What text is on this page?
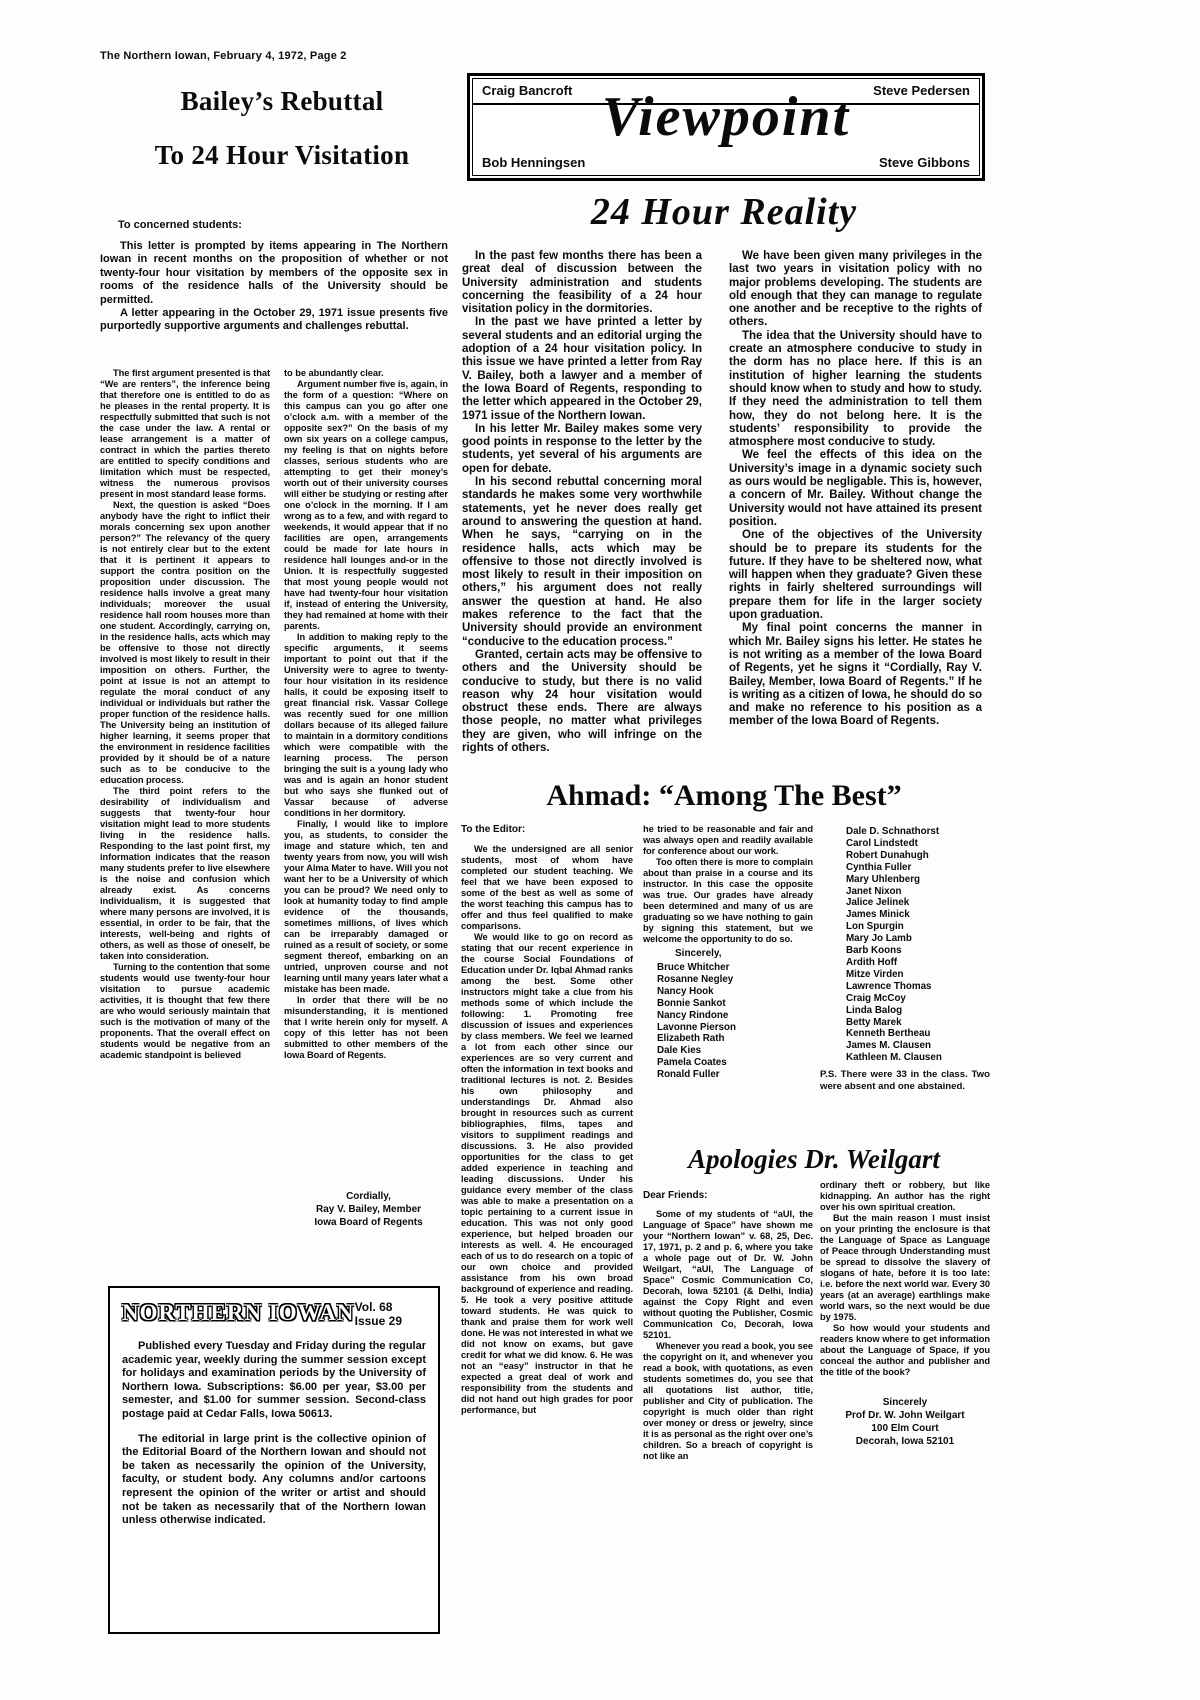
The Northern Iowan, February 4, 1972, Page 2
Bailey’s Rebuttal
To 24 Hour Visitation
Craig Bancroft	Steve Pedersen
Viewpoint
Bob Henningsen	Steve Gibbons
24 Hour Reality

In the past few months there has been a great deal of discussion between the University administration and students concerning the feasibility of a 24 hour visitation policy in the dormitories.

In the past we have printed a letter by several students and an editorial urging the adoption of a 24 hour visitation policy. In this issue we have printed a letter from Ray V. Bailey, both a lawyer and a member of the Iowa Board of Regents, responding to the letter which appeared in the October 29, 1971 issue of the Northern Iowan.

In his letter Mr. Bailey makes some very good points in response to the letter by the students, yet several of his arguments are open for debate.

In his second rebuttal concerning moral standards he makes some very worthwhile statements, yet he never does really get around to answering the question at hand. When he says, “carrying on in the residence halls, acts which may be offensive to those not directly involved is most likely to result in their imposition on others,” his argument does not really answer the question at hand. He also makes reference to the fact that the University should provide an environment “conducive to the education process.”

Granted, certain acts may be offensive to others and the University should be conducive to study, but there is no valid reason why 24 hour visitation would obstruct these ends. There are always those people, no matter what privileges they are given, who will infringe on the rights of others.

We have been given many privileges in the last two years in visitation policy with no major problems developing. The students are old enough that they can manage to regulate one another and be receptive to the rights of others.

The idea that the University should have to create an atmosphere conducive to study in the dorm has no place here. If this is an institution of higher learning the students should know when to study and how to study. If they need the administration to tell them how, they do not belong here. It is the students’ responsibility to provide the atmosphere most conducive to study.

We feel the effects of this idea on the University’s image in a dynamic society such as ours would be negligable. This is, however, a concern of Mr. Bailey. Without change the University would not have attained its present position.

One of the objectives of the University should be to prepare its students for the future. If they have to be sheltered now, what will happen when they graduate? Given these rights in fairly sheltered surroundings will prepare them for life in the larger society upon graduation.

My final point concerns the manner in which Mr. Bailey signs his letter. He states he is not writing as a member of the Iowa Board of Regents, yet he signs it “Cordially, Ray V. Bailey, Member, Iowa Board of Regents.” If he is writing as a citizen of Iowa, he should do so and make no reference to his position as a member of the Iowa Board of Regents.

To concerned students:

This letter is prompted by items appearing in The Northern Iowan in recent months on the proposition of whether or not twenty-four hour visitation by members of the opposite sex in rooms of the residence halls of the University should be permitted.

A letter appearing in the October 29, 1971 issue presents five purportedly supportive arguments and challenges rebuttal.

The first argument presented is that “We are renters”, the inference being that therefore one is entitled to do as he pleases in the rental property. It is respectfully submitted that such is not the case under the law. A rental or lease arrangement is a matter of contract in which the parties thereto are entitled to specify conditions and limitation which must be respected, witness the numerous provisos present in most standard lease forms.

Next, the question is asked “Does anybody have the right to inflict their morals concerning sex upon another person?” The relevancy of the query is not entirely clear but to the extent that it is pertinent it appears to support the contra position on the proposition under discussion. The residence halls involve a great many individuals; moreover the usual residence hall room houses more than one student. Accordingly, carrying on, in the residence halls, acts which may be offensive to those not directly involved is most likely to result in their imposition on others. Further, the point at issue is not an attempt to regulate the moral conduct of any individual or individuals but rather the proper function of the residence halls. The University being an institution of higher learning, it seems proper that the environment in residence facilities provided by it should be of a nature such as to be conducive to the education process.

The third point refers to the desirability of individualism and suggests that twenty-four hour visitation might lead to more students living in the residence halls. Responding to the last point first, my information indicates that the reason many students prefer to live elsewhere is the noise and confusion which already exist. As concerns individualism, it is suggested that where many persons are involved, it is essential, in order to be fair, that the interests, well-being and rights of others, as well as those of oneself, be taken into consideration.

Turning to the contention that some students would use twenty-four hour visitation to pursue academic activities, it is thought that few there are who would seriously maintain that such is the motivation of many of the proponents. That the overall effect on students would be negative from an academic standpoint is believed

to be abundantly clear.

Argument number five is, again, in the form of a question: “Where on this campus can you go after one o’clock a.m. with a member of the opposite sex?” On the basis of my own six years on a college campus, my feeling is that on nights before classes, serious students who are attempting to get their money’s worth out of their university courses will either be studying or resting after one o’clock in the morning. If I am wrong as to a few, and with regard to weekends, it would appear that if no facilities are open, arrangements could be made for late hours in residence hall lounges and-or in the Union. It is respectfully suggested that most young people would not have had twenty-four hour visitation if, instead of entering the University, they had remained at home with their parents.

In addition to making reply to the specific arguments, it seems important to point out that if the University were to agree to twenty-four hour visitation in its residence halls, it could be exposing itself to great financial risk. Vassar College was recently sued for one million dollars because of its alleged failure to maintain in a dormitory conditions which were compatible with the learning process. The person bringing the suit is a young lady who was and is again an honor student but who says she flunked out of Vassar because of adverse conditions in her dormitory.

Finally, I would like to implore you, as students, to consider the image and stature which, ten and twenty years from now, you will wish your Alma Mater to have. Will you not want her to be a University of which you can be proud? We need only to look at humanity today to find ample evidence of the thousands, sometimes millions, of lives which can be irreparably damaged or ruined as a result of society, or some segment thereof, embarking on an untried, unproven course and not learning until many years later what a mistake has been made.

In order that there will be no misunderstanding, it is mentioned that I write herein only for myself. A copy of this letter has not been submitted to other members of the Iowa Board of Regents.

Cordially,
Ray V. Bailey, Member
Iowa Board of Regents
Ahmad: “Among The Best”
To the Editor:

We the undersigned are all senior students, most of whom have completed our student teaching. We feel that we have been exposed to some of the best as well as some of the worst teaching this campus has to offer and thus feel qualified to make comparisons.

We would like to go on record as stating that our recent experience in the course Social Foundations of Education under Dr. Iqbal Ahmad ranks among the best. Some other instructors might take a clue from his methods some of which include the following: 1. Promoting free discussion of issues and experiences by class members. We feel we learned a lot from each other since our experiences are so very current and often the information in text books and traditional lectures is not. 2. Besides his own philosophy and understandings Dr. Ahmad also brought in resources such as current bibliographies, films, tapes and visitors to suppliment readings and discussions. 3. He also provided opportunities for the class to get added experience in teaching and leading discussions. Under his guidance every member of the class was able to make a presentation on a topic pertaining to a current issue in education. This was not only good experience, but helped broaden our interests as well. 4. He encouraged each of us to do research on a topic of our own choice and provided assistance from his own broad background of experience and reading. 5. He took a very positive attitude toward students. He was quick to thank and praise them for work well done. He was not interested in what we did not know on exams, but gave credit for what we did know. 6. He was not an “easy” instructor in that he expected a great deal of work and responsibility from the students and did not hand out high grades for poor performance, but

he tried to be reasonable and fair and was always open and readily available for conference about our work.

Too often there is more to complain about than praise in a course and its instructor. In this case the opposite was true. Our grades have already been determined and many of us are graduating so we have nothing to gain by signing this statement, but we welcome the opportunity to do so.

Sincerely,
Bruce Whitcher
Rosanne Negley
Nancy Hook
Bonnie Sankot
Nancy Rindone
Lavonne Pierson
Elizabeth Rath
Dale Kies
Pamela Coates
Ronald Fuller
Dale D. Schnathorst
Carol Lindstedt
Robert Dunahugh
Cynthia Fuller
Mary Uhlenberg
Janet Nixon
Jalice Jelinek
James Minick
Lon Spurgin
Mary Jo Lamb
Barb Koons
Ardith Hoff
Mitze Virden
Lawrence Thomas
Craig McCoy
Linda Balog
Betty Marek
Kenneth Bertheau
James M. Clausen
Kathleen M. Clausen
P.S. There were 33 in the class. Two were absent and one abstained.
Apologies Dr. Weilgart
Dear Friends:

Some of my students of “aUI, the Language of Space” have shown me your “Northern Iowan” v. 68, 25, Dec. 17, 1971, p. 2 and p. 6, where you take a whole page out of Dr. W. John Weilgart, “aUI, The Language of Space” Cosmic Communication Co, Decorah, Iowa 52101 (& Delhi, India) against the Copy Right and even without quoting the Publisher, Cosmic Communication Co, Decorah, Iowa 52101.

Whenever you read a book, you see the copyright on it, and whenever you read a book, with quotations, as even students sometimes do, you see that all quotations list author, title, publisher and City of publication. The copyright is much older than right over money or dress or jewelry, since it is as personal as the right over one’s children. So a breach of copyright is not like an

ordinary theft or robbery, but like kidnapping. An author has the right over his own spiritual creation.

But the main reason I must insist on your printing the enclosure is that the Language of Space as Language of Peace through Understanding must be spread to dissolve the slavery of slogans of hate, before it is too late: i.e. before the next world war. Every 30 years (at an average) earthlings make world wars, so the next would be due by 1975.

So how would your students and readers know where to get information about the Language of Space, if you conceal the author and publisher and the title of the book?

Sincerely
Prof Dr. W. John Weilgart
100 Elm Court
Decorah, Iowa 52101
NORTHERN IOWAN Vol. 68
Issue 29

Published every Tuesday and Friday during the regular academic year, weekly during the summer session except for holidays and examination periods by the University of Northern Iowa. Subscriptions: $6.00 per year, $3.00 per semester, and $1.00 for summer session. Second-class postage paid at Cedar Falls, Iowa 50613.

The editorial in large print is the collective opinion of the Editorial Board of the Northern Iowan and should not be taken as necessarily the opinion of the University, faculty, or student body. Any columns and/or cartoons represent the opinion of the writer or artist and should not be taken as necessarily that of the Northern Iowan unless otherwise indicated.
